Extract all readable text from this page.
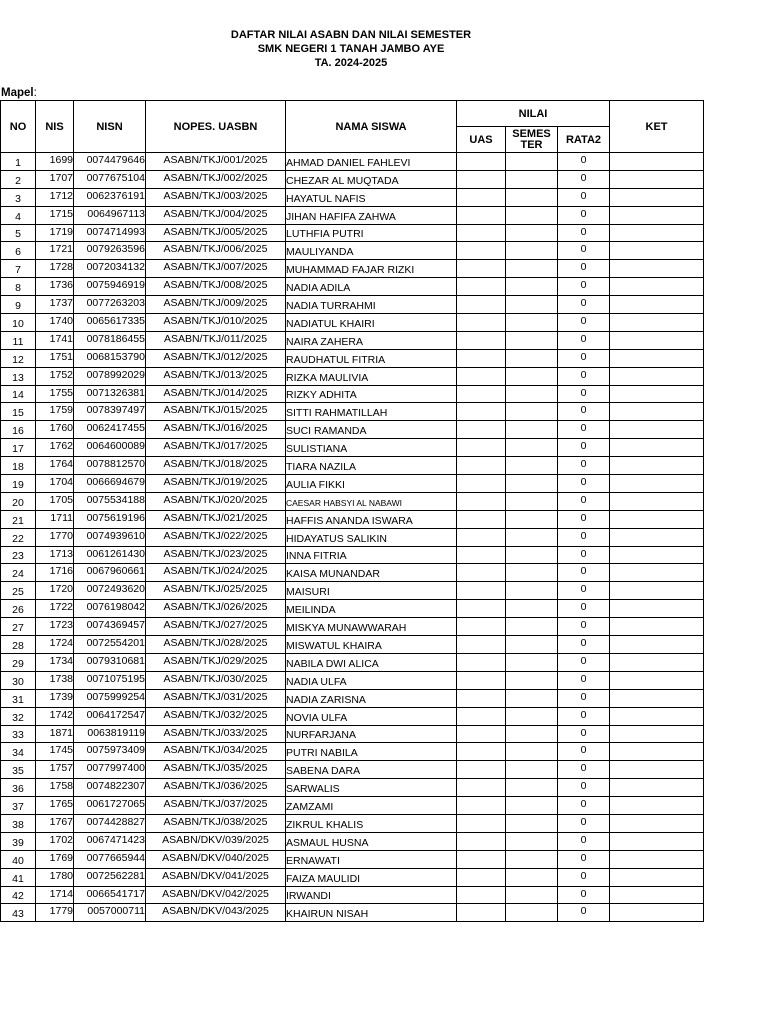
DAFTAR NILAI ASABN DAN NILAI SEMESTER
SMK NEGERI 1 TANAH JAMBO AYE
TA. 2024-2025
Mapel:
NO	NIS	NISN	NOPES. UASBN	NAMA SISWA	NILAI			KET
					UAS	SEMES TER	RATA2	
1	1699	0074479646	ASABN/TKJ/001/2025	AHMAD DANIEL FAHLEVI			0	
2	1707	0077675104	ASABN/TKJ/002/2025	CHEZAR AL MUQTADA			0	
3	1712	0062376191	ASABN/TKJ/003/2025	HAYATUL NAFIS			0	
4	1715	0064967113	ASABN/TKJ/004/2025	JIHAN HAFIFA ZAHWA			0	
5	1719	0074714993	ASABN/TKJ/005/2025	LUTHFIA PUTRI			0	
6	1721	0079263596	ASABN/TKJ/006/2025	MAULIYANDA			0	
7	1728	0072034132	ASABN/TKJ/007/2025	MUHAMMAD FAJAR RIZKI			0	
8	1736	0075946919	ASABN/TKJ/008/2025	NADIA ADILA			0	
9	1737	0077263203	ASABN/TKJ/009/2025	NADIA TURRAHMI			0	
10	1740	0065617335	ASABN/TKJ/010/2025	NADIATUL KHAIRI			0	
11	1741	0078186455	ASABN/TKJ/011/2025	NAIRA ZAHERA			0	
12	1751	0068153790	ASABN/TKJ/012/2025	RAUDHATUL FITRIA			0	
13	1752	0078992029	ASABN/TKJ/013/2025	RIZKA MAULIVIA			0	
14	1755	0071326381	ASABN/TKJ/014/2025	RIZKY ADHITA			0	
15	1759	0078397497	ASABN/TKJ/015/2025	SITTI RAHMATILLAH			0	
16	1760	0062417455	ASABN/TKJ/016/2025	SUCI RAMANDA			0	
17	1762	0064600089	ASABN/TKJ/017/2025	SULISTIANA			0	
18	1764	0078812570	ASABN/TKJ/018/2025	TIARA NAZILA			0	
19	1704	0066694679	ASABN/TKJ/019/2025	AULIA FIKKI			0	
20	1705	0075534188	ASABN/TKJ/020/2025	CAESAR HABSYI AL NABAWI			0	
21	1711	0075619196	ASABN/TKJ/021/2025	HAFFIS ANANDA ISWARA			0	
22	1770	0074939610	ASABN/TKJ/022/2025	HIDAYATUS SALIKIN			0	
23	1713	0061261430	ASABN/TKJ/023/2025	INNA FITRIA			0	
24	1716	0067960661	ASABN/TKJ/024/2025	KAISA MUNANDAR			0	
25	1720	0072493620	ASABN/TKJ/025/2025	MAISURI			0	
26	1722	0076198042	ASABN/TKJ/026/2025	MEILINDA			0	
27	1723	0074369457	ASABN/TKJ/027/2025	MISKYA MUNAWWARAH			0	
28	1724	0072554201	ASABN/TKJ/028/2025	MISWATUL KHAIRA			0	
29	1734	0079310681	ASABN/TKJ/029/2025	NABILA DWI ALICA			0	
30	1738	0071075195	ASABN/TKJ/030/2025	NADIA ULFA			0	
31	1739	0075999254	ASABN/TKJ/031/2025	NADIA ZARISNA			0	
32	1742	0064172547	ASABN/TKJ/032/2025	NOVIA ULFA			0	
33	1871	0063819119	ASABN/TKJ/033/2025	NURFARJANA			0	
34	1745	0075973409	ASABN/TKJ/034/2025	PUTRI NABILA			0	
35	1757	0077997400	ASABN/TKJ/035/2025	SABENA DARA			0	
36	1758	0074822307	ASABN/TKJ/036/2025	SARWALIS			0	
37	1765	0061727065	ASABN/TKJ/037/2025	ZAMZAMI			0	
38	1767	0074428827	ASABN/TKJ/038/2025	ZIKRUL KHALIS			0	
39	1702	0067471423	ASABN/DKV/039/2025	ASMAUL HUSNA			0	
40	1769	0077665944	ASABN/DKV/040/2025	ERNAWATI			0	
41	1780	0072562281	ASABN/DKV/041/2025	FAIZA MAULIDI			0	
42	1714	0066541717	ASABN/DKV/042/2025	IRWANDI			0	
43	1779	0057000711	ASABN/DKV/043/2025	KHAIRUN NISAH			0	
